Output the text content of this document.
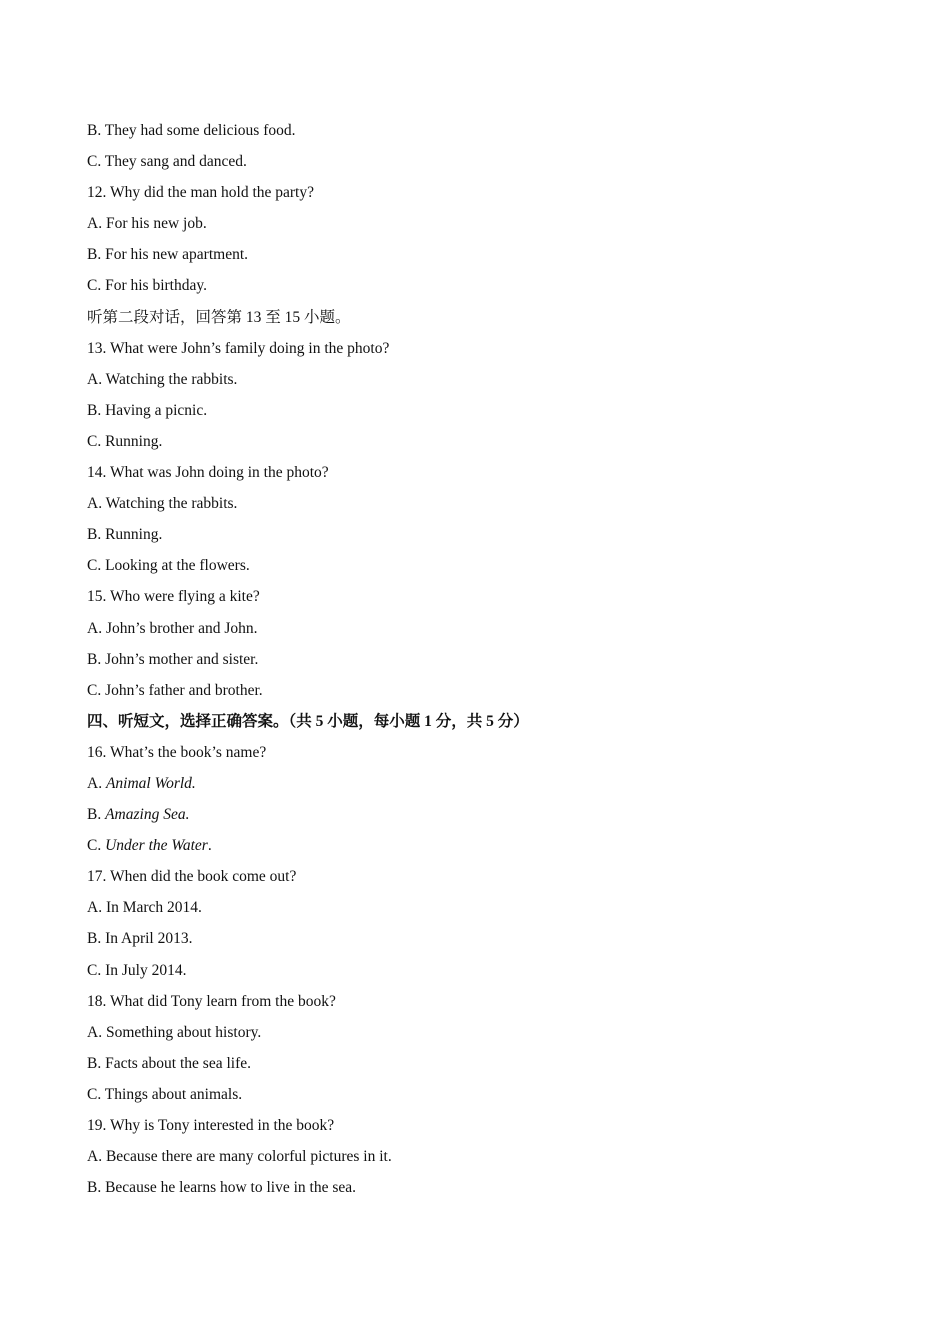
B. They had some delicious food.
C. They sang and danced.
12. Why did the man hold the party?
A. For his new job.
B. For his new apartment.
C. For his birthday.
听第二段对话，回答第 13 至 15 小题。
13. What were John’s family doing in the photo?
A. Watching the rabbits.
B. Having a picnic.
C. Running.
14. What was John doing in the photo?
A. Watching the rabbits.
B. Running.
C. Looking at the flowers.
15. Who were flying a kite?
A. John’s brother and John.
B. John’s mother and sister.
C. John’s father and brother.
四、听短文，选择正确答案。（共 5 小题，每小题 1 分，共 5 分）
16. What’s the book’s name?
A. Animal World.
B. Amazing Sea.
C. Under the Water.
17. When did the book come out?
A. In March 2014.
B. In April 2013.
C. In July 2014.
18. What did Tony learn from the book?
A. Something about history.
B. Facts about the sea life.
C. Things about animals.
19. Why is Tony interested in the book?
A. Because there are many colorful pictures in it.
B. Because he learns how to live in the sea.
